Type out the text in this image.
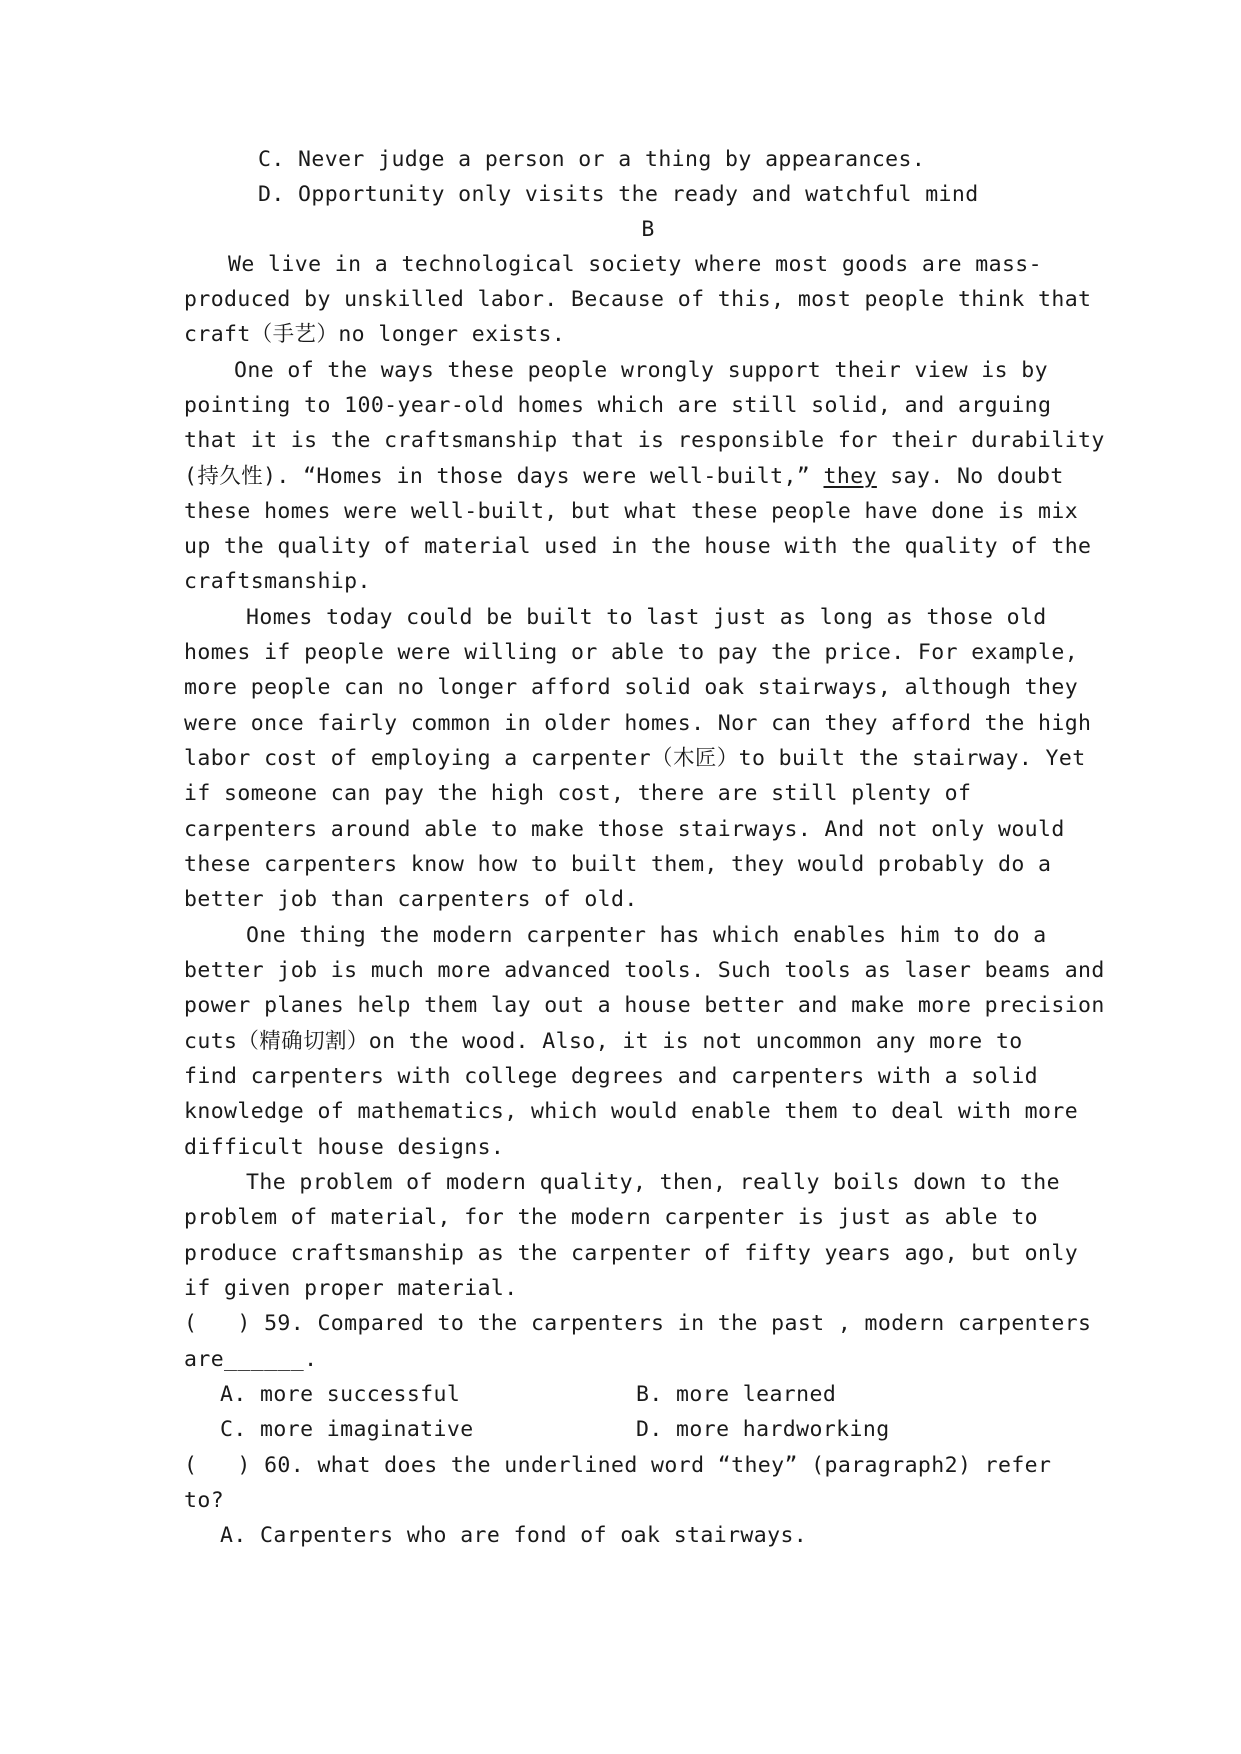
C. Never judge a person or a thing by appearances.
D. Opportunity only visits the ready and watchful mind
B
We live in a technological society where most goods are mass-
produced by unskilled labor. Because of this, most people think that
craft（手艺）no longer exists.
One of the ways these people wrongly support their view is by
pointing to 100-year-old homes which are still solid, and arguing
that it is the craftsmanship that is responsible for their durability
(持久性). “Homes in those days were well-built,” they say. No doubt
these homes were well-built, but what these people have done is mix
up the quality of material used in the house with the quality of the
craftsmanship.
Homes today could be built to last just as long as those old
homes if people were willing or able to pay the price. For example,
more people can no longer afford solid oak stairways, although they
were once fairly common in older homes. Nor can they afford the high
labor cost of employing a carpenter（木匠）to built the stairway. Yet
if someone can pay the high cost, there are still plenty of
carpenters around able to make those stairways. And not only would
these carpenters know how to built them, they would probably do a
better job than carpenters of old.
One thing the modern carpenter has which enables him to do a
better job is much more advanced tools. Such tools as laser beams and
power planes help them lay out a house better and make more precision
cuts（精确切割）on the wood. Also, it is not uncommon any more to
find carpenters with college degrees and carpenters with a solid
knowledge of mathematics, which would enable them to deal with more
difficult house designs.
The problem of modern quality, then, really boils down to the
problem of material, for the modern carpenter is just as able to
produce craftsmanship as the carpenter of fifty years ago, but only
if given proper material.
(   ) 59. Compared to the carpenters in the past , modern carpenters
are______.
A. more successful	B. more learned
C. more imaginative	D. more hardworking
(   ) 60. what does the underlined word “they” (paragraph2) refer
to?
A. Carpenters who are fond of oak stairways.
